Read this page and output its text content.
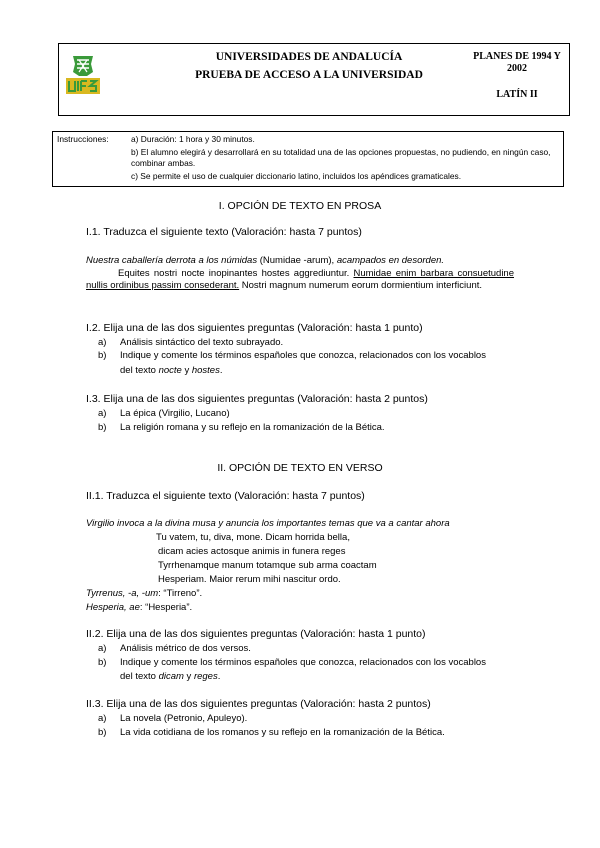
UNIVERSIDADES DE ANDALUCÍA
PRUEBA DE ACCESO A LA UNIVERSIDAD
PLANES DE 1994 Y 2002
LATÍN II
Instrucciones:	a) Duración: 1 hora y 30 minutos.
b) El alumno elegirá y desarrollará en su totalidad una de las opciones propuestas, no pudiendo, en ningún caso, combinar ambas.
c) Se permite el uso de cualquier diccionario latino, incluidos los apéndices gramaticales.
I. OPCIÓN DE TEXTO EN PROSA
I.1. Traduzca el siguiente texto (Valoración: hasta 7 puntos)
Nuestra caballería derrota a los númidas (Numidae -arum), acampados en desorden.
Equites nostri nocte inopinantes hostes aggrediuntur. Numidae enim barbara consuetudine nullis ordinibus passim consederant. Nostri magnum numerum eorum dormientium interficiunt.
I.2. Elija una de las dos siguientes preguntas (Valoración: hasta 1 punto)
a) Análisis sintáctico del texto subrayado.
b) Indique y comente los términos españoles que conozca, relacionados con los vocablos
del texto nocte y hostes.
I.3. Elija una de las dos siguientes preguntas (Valoración: hasta 2 puntos)
a) La épica (Virgilio, Lucano)
b) La religión romana y su reflejo en la romanización de la Bética.
II. OPCIÓN DE TEXTO EN VERSO
II.1. Traduzca el siguiente texto (Valoración: hasta 7 puntos)
Virgilio invoca a la divina musa y anuncia los importantes temas que va a cantar ahora
Tu vatem, tu, diva, mone. Dicam horrida bella,
dicam acies actosque animis in funera reges
Tyrrhenamque manum totamque sub arma coactam
Hesperiam. Maior rerum mihi nascitur ordo.
Tyrrenus, -a, -um: “Tirreno”.
Hesperia, ae: “Hesperia”.
II.2. Elija una de las dos siguientes preguntas (Valoración: hasta 1 punto)
a) Análisis métrico de dos versos.
b) Indique y comente los términos españoles que conozca, relacionados con los vocablos
del texto dicam y reges.
II.3. Elija una de las dos siguientes preguntas (Valoración: hasta 2 puntos)
a) La novela (Petronio, Apuleyo).
b) La vida cotidiana de los romanos y su reflejo en la romanización de la Bética.
